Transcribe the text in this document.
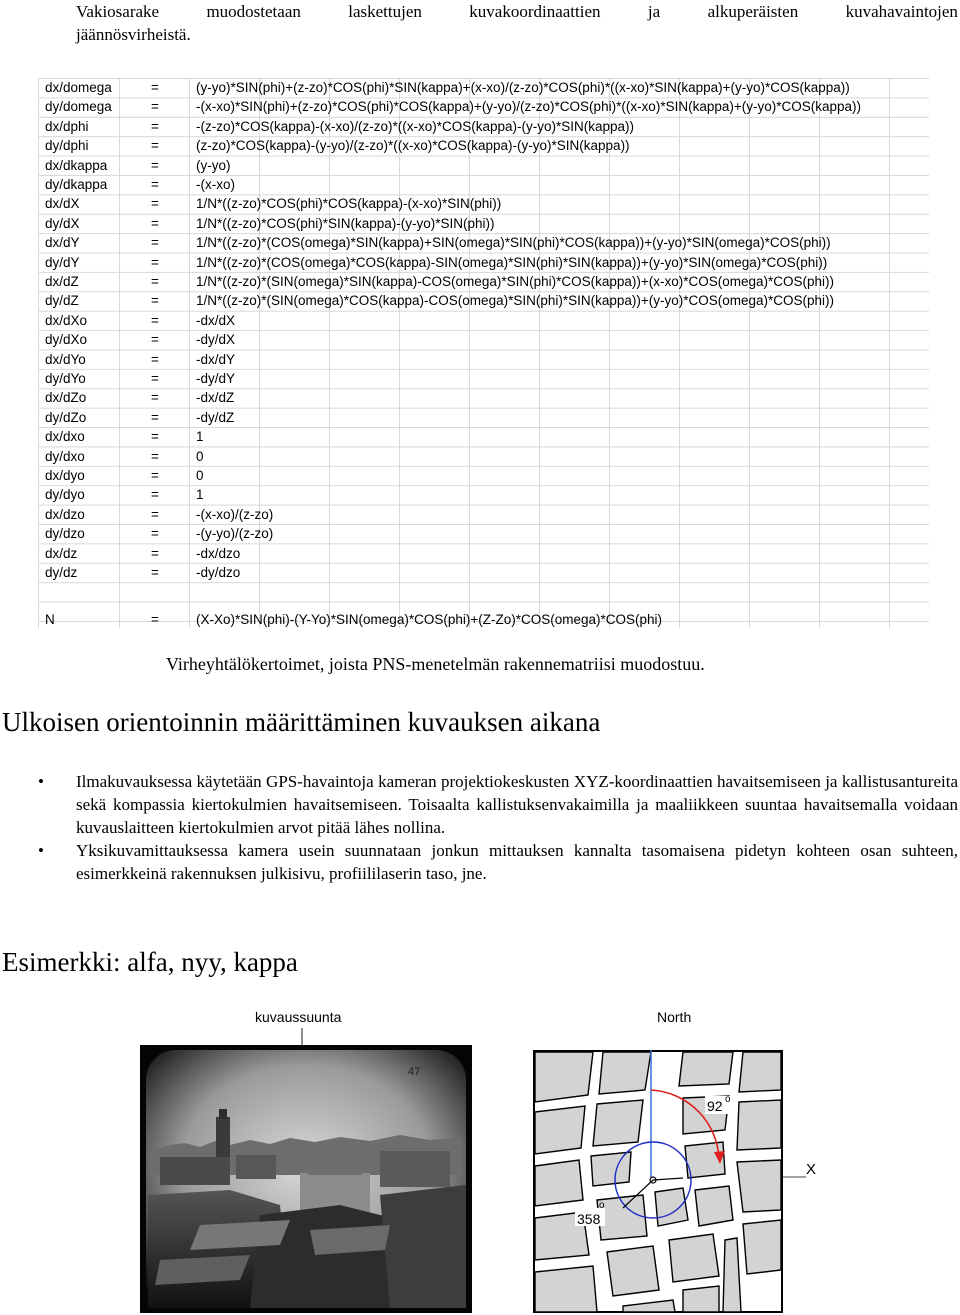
Vakiosarake	muodostetaan	laskettujen	kuvakoordinaattien	ja	alkuperäisten	kuvahavaintojen
jäännösvirheistä.
dx/domega	=	(y-yo)*SIN(phi)+(z-zo)*COS(phi)*SIN(kappa)+(x-xo)/(z-zo)*COS(phi)*((x-xo)*SIN(kappa)+(y-yo)*COS(kappa))
dy/domega	=	-(x-xo)*SIN(phi)+(z-zo)*COS(phi)*COS(kappa)+(y-yo)/(z-zo)*COS(phi)*((x-xo)*SIN(kappa)+(y-yo)*COS(kappa))
dx/dphi	=	-(z-zo)*COS(kappa)-(x-xo)/(z-zo)*((x-xo)*COS(kappa)-(y-yo)*SIN(kappa))
dy/dphi	=	(z-zo)*COS(kappa)-(y-yo)/(z-zo)*((x-xo)*COS(kappa)-(y-yo)*SIN(kappa))
dx/dkappa	=	(y-yo)
dy/dkappa	=	-(x-xo)
dx/dX	=	1/N*((z-zo)*COS(phi)*COS(kappa)-(x-xo)*SIN(phi))
dy/dX	=	1/N*((z-zo)*COS(phi)*SIN(kappa)-(y-yo)*SIN(phi))
dx/dY	=	1/N*((z-zo)*(COS(omega)*SIN(kappa)+SIN(omega)*SIN(phi)*COS(kappa))+(y-yo)*SIN(omega)*COS(phi))
dy/dY	=	1/N*((z-zo)*(COS(omega)*COS(kappa)-SIN(omega)*SIN(phi)*SIN(kappa))+(y-yo)*SIN(omega)*COS(phi))
dx/dZ	=	1/N*((z-zo)*(SIN(omega)*SIN(kappa)-COS(omega)*SIN(phi)*COS(kappa))+(x-xo)*COS(omega)*COS(phi))
dy/dZ	=	1/N*((z-zo)*(SIN(omega)*COS(kappa)-COS(omega)*SIN(phi)*SIN(kappa))+(y-yo)*COS(omega)*COS(phi))
dx/dXo	=	-dx/dX
dy/dXo	=	-dy/dX
dx/dYo	=	-dx/dY
dy/dYo	=	-dy/dY
dx/dZo	=	-dx/dZ
dy/dZo	=	-dy/dZ
dx/dxo	=	1
dy/dxo	=	0
dx/dyo	=	0
dy/dyo	=	1
dx/dzo	=	-(x-xo)/(z-zo)
dy/dzo	=	-(y-yo)/(z-zo)
dx/dz	=	-dx/dzo
dy/dz	=	-dy/dzo
N	=	(X-Xo)*SIN(phi)-(Y-Yo)*SIN(omega)*COS(phi)+(Z-Zo)*COS(omega)*COS(phi)
Virheyhtälökertoimet, joista PNS-menetelmän rakennematriisi muodostuu.
Ulkoisen orientoinnin määrittäminen kuvauksen aikana
• Ilmakuvauksessa käytetään GPS-havaintoja kameran projektiokeskusten XYZ-koordinaattien havaitsemiseen ja kallistusantureita sekä kompassia kiertokulmien havaitsemiseen. Toisaalta kallistuksenvakaimilla ja maaliikkeen suuntaa havaitsemalla voidaan kuvauslaitteen kiertokulmien arvot pitää lähes nollina.
• Yksikuvamittauksessa kamera usein suunnataan jonkun mittauksen kannalta tasomaisena pidetyn kohteen osan suhteen, esimerkkeinä rakennuksen julkisivu, profiililaserin taso, jne.
Esimerkki: alfa, nyy, kappa
kuvaussuunta
47
North
X
92 o
358
o
